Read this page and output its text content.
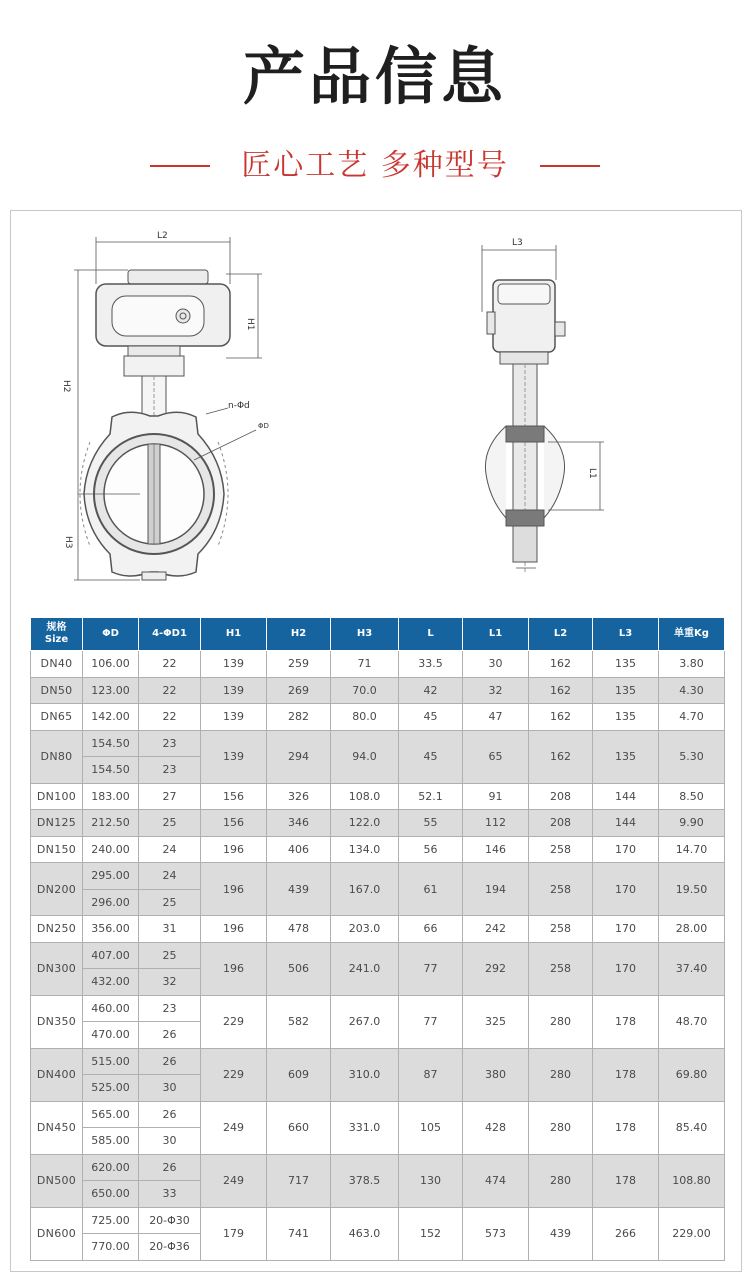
产品信息
匠心工艺 多种型号
L2
H1
H2
H3
n-Φd
ΦD
L3
L1
规格
Size	ΦD	4-ΦD1	H1	H2	H3	L	L1	L2	L3	单重Kg
DN40	106.00	22	139	259	71	33.5	30	162	135	3.80
DN50	123.00	22	139	269	70.0	42	32	162	135	4.30
DN65	142.00	22	139	282	80.0	45	47	162	135	4.70
DN80	154.50	23	139	294	94.0	45	65	162	135	5.30
	154.50	23								
DN100	183.00	27	156	326	108.0	52.1	91	208	144	8.50
DN125	212.50	25	156	346	122.0	55	112	208	144	9.90
DN150	240.00	24	196	406	134.0	56	146	258	170	14.70
DN200	295.00	24	196	439	167.0	61	194	258	170	19.50
	296.00	25								
DN250	356.00	31	196	478	203.0	66	242	258	170	28.00
DN300	407.00	25	196	506	241.0	77	292	258	170	37.40
	432.00	32								
DN350	460.00	23	229	582	267.0	77	325	280	178	48.70
	470.00	26								
DN400	515.00	26	229	609	310.0	87	380	280	178	69.80
	525.00	30								
DN450	565.00	26	249	660	331.0	105	428	280	178	85.40
	585.00	30								
DN500	620.00	26	249	717	378.5	130	474	280	178	108.80
	650.00	33								
DN600	725.00	20-Φ30	179	741	463.0	152	573	439	266	229.00
	770.00	20-Φ36								
